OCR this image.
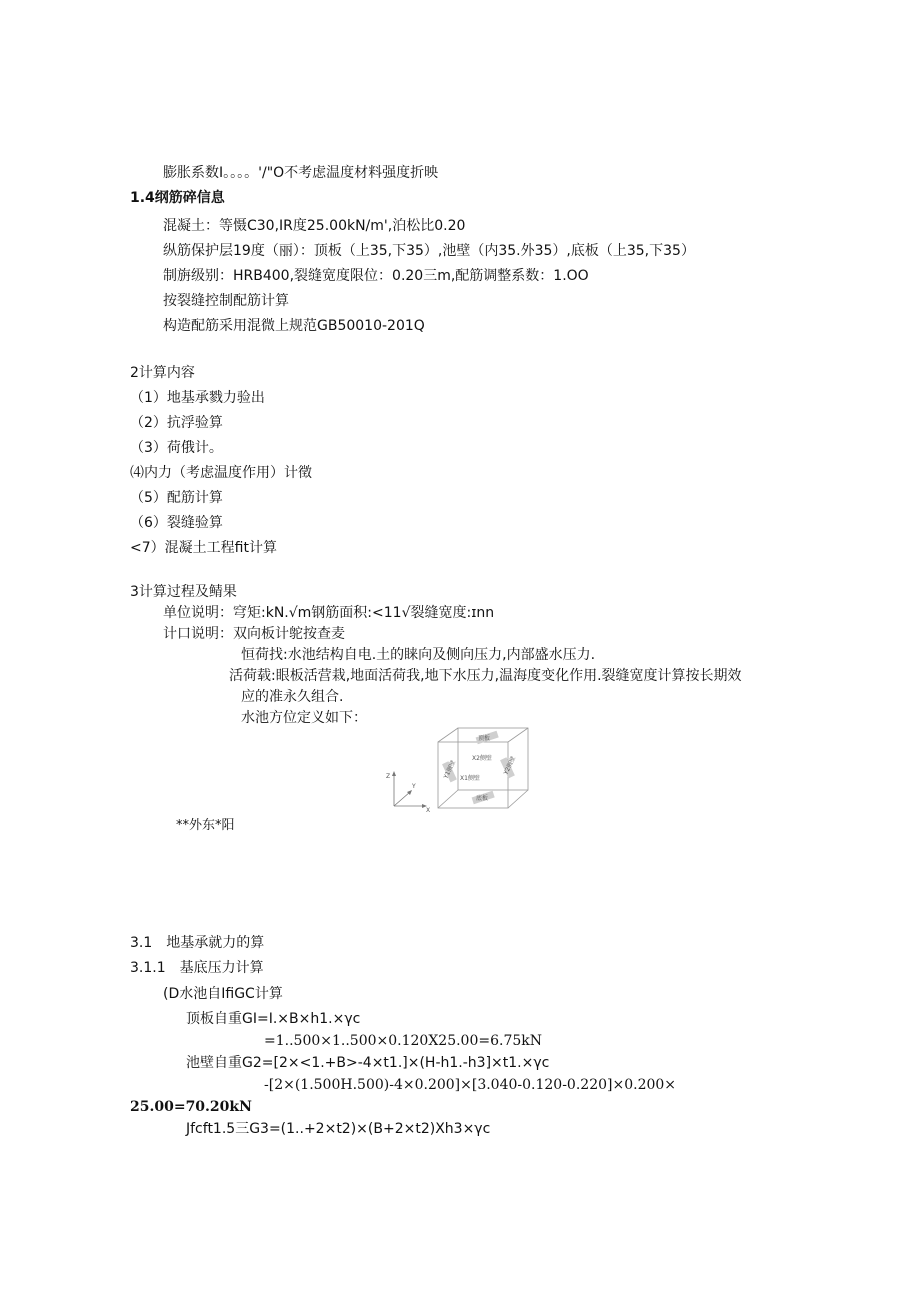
膨胀系数I。。。。'/"O不考虑温度材料强度折映
1.4纲筋碎信息
混凝土：等慑C30,IR度25.00kN/m',泊松比0.20
纵筋保护层19度（丽）：顶板（上35,下35）,池壁（内35.外35）,底板（上35,下35）
制旃级别：HRB400,裂缝宽度限位：0.20三m,配筋调整系数：1.OO
按裂缝控制配筋计算
构造配筋采用混微上规范GB50010-201Q
2计算内容
（1）地基承戮力验出
（2）抗浮验算
（3）荷俄计。
⑷内力（考虑温度作用）计徵
（5）配筋计算
（6）裂缝验算
<7）混凝土工程fit计算
3计算过程及鲭果
单位说明：穹矩:kN.√m钢筋面积:<11√裂缝宽度:ɪnn
计口说明：双向板计鸵按查麦
恒荷找:水池结构自电.土的睐向及侧向压力,内部盛水压力.
活荷载:眼板活营栽,地面活荷我,地下水压力,温海度变化作用.裂缝宽度计算按长期效
应的准永久组合.
水池方位定义如下：
顶板
X2侧壁
X1侧壁
Y1侧壁	Y2侧壁
底板
Z
Y
X
**外东*阳
3.1　地基承就力的算
3.1.1　基底压力计算
(D水池自IfiGC计算
顶板自重GI=I.×B×h1.×γc
=1..500×1..500×0.120X25.00=6.75kN
池壁自重G2=[2×<1.+B>-4×t1.]×(H-h1.-h3]×t1.×γc
-[2×(1.500H.500)-4×0.200]×[3.040-0.120-0.220]×0.200×
25.00=70.20kN
Jfcft1.5三G3=(1..+2×t2)×(B+2×t2)Xh3×γc
